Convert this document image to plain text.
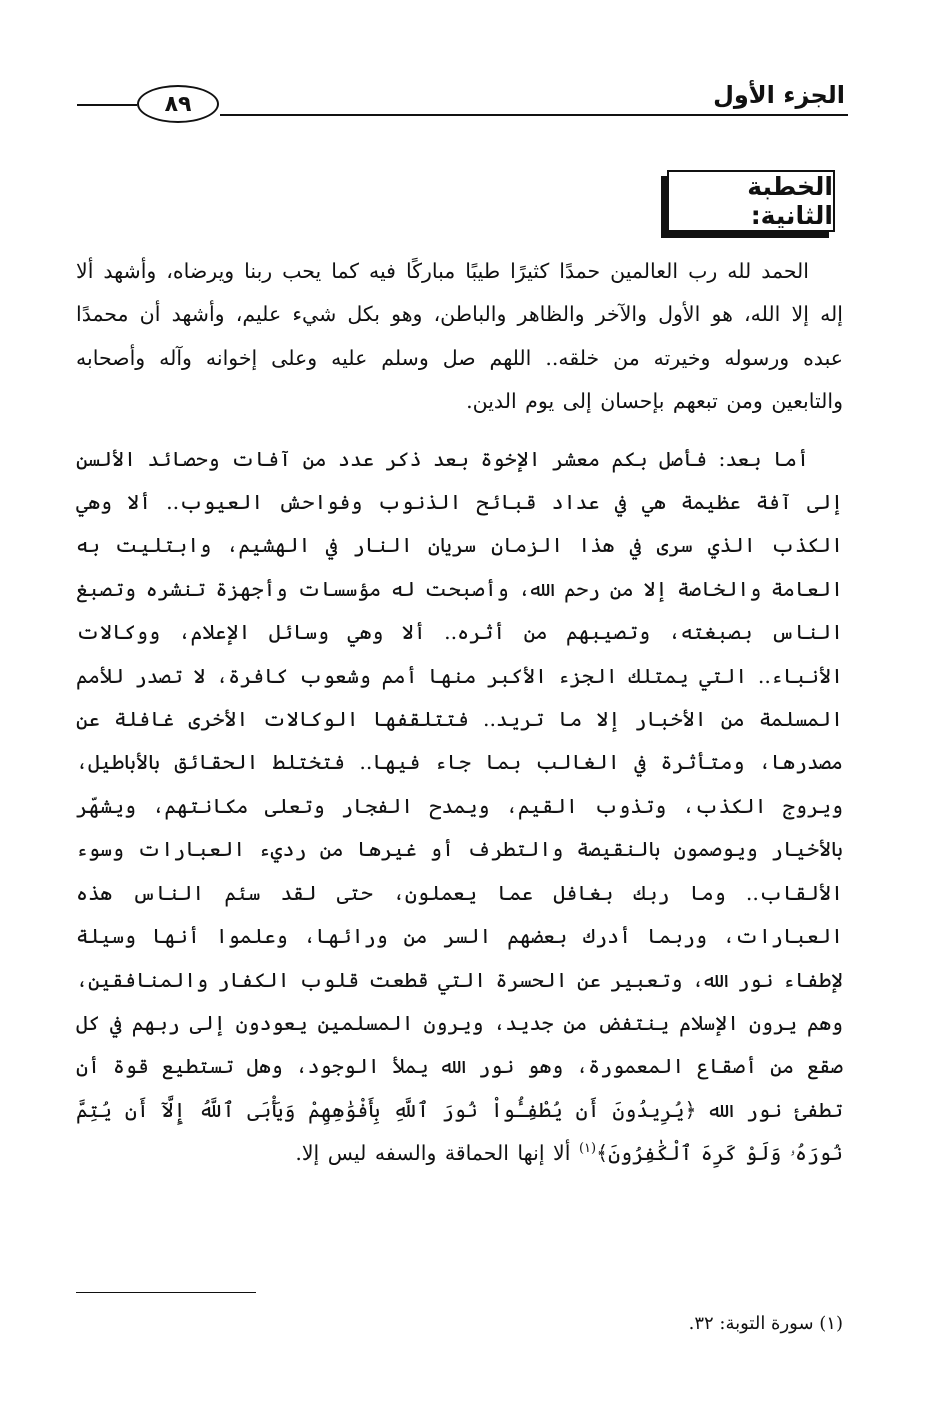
الجزء الأول
٨٩
الخطبة الثانية:

الحمد لله رب العالمين حمدًا كثيرًا طيبًا مباركًا فيه كما يحب ربنا ويرضاه، وأشهد ألا إله إلا الله، هو الأول والآخر والظاهر والباطن، وهو بكل شيء عليم، وأشهد أن محمدًا عبده ورسوله وخيرته من خلقه.. اللهم صل وسلم عليه وعلى إخوانه وآله وأصحابه والتابعين ومن تبعهم بإحسان إلى يوم الدين.

أما بعد: فأصل بكم معشر الإخوة بعد ذكر عدد من آفات وحصائد الألسن إلى آفة عظيمة هي في عداد قبائح الذنوب وفواحش العيوب.. ألا وهي الكذب الذي سرى في هذا الزمان سريان النار في الهشيم، وابتليت به العامة والخاصة إلا من رحم الله، وأصبحت له مؤسسات وأجهزة تنشره وتصبغ الناس بصبغته، وتصيبهم من أثره.. ألا وهي وسائل الإعلام، ووكالات الأنباء.. التي يمتلك الجزء الأكبر منها أمم وشعوب كافرة، لا تصدر للأمم المسلمة من الأخبار إلا ما تريد.. فتتلقفها الوكالات الأخرى غافلة عن مصدرها، ومتأثرة في الغالب بما جاء فيها.. فتختلط الحقائق بالأباطيل، ويروج الكذب، وتذوب القيم، ويمدح الفجار وتعلى مكانتهم، ويشهّر بالأخيار ويوصمون بالنقيصة والتطرف أو غيرها من رديء العبارات وسوء الألقاب.. وما ربك بغافل عما يعملون، حتى لقد سئم الناس هذه العبارات، وربما أدرك بعضهم السر من ورائها، وعلموا أنها وسيلة لإطفاء نور الله، وتعبير عن الحسرة التي قطعت قلوب الكفار والمنافقين، وهم يرون الإسلام ينتفض من جديد، ويرون المسلمين يعودون إلى ربهم في كل صقع من أصقاع المعمورة، وهو نور الله يملأ الوجود، وهل تستطيع قوة أن تطفئ نور الله ﴿يُرِيدُونَ أَن يُطْفِـُٔواْ نُورَ ٱللَّهِ بِأَفْوَٰهِهِمْ وَيَأْبَى ٱللَّهُ إِلَّآ أَن يُتِمَّ نُورَهُۥ وَلَوْ كَرِهَ ٱلْكَٰفِرُونَ﴾$^{(١)}$ ألا إنها الحماقة والسفه ليس إلا.

(١) سورة التوبة: ٣٢.
